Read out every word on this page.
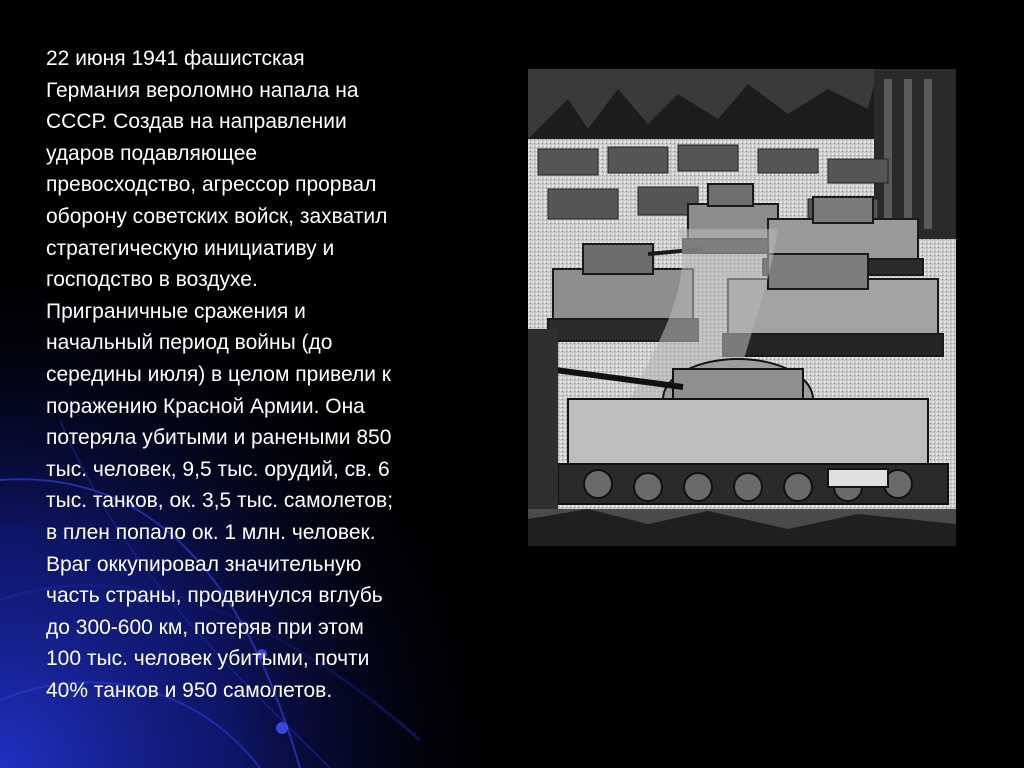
22 июня 1941 фашистская
Германия вероломно напала на
СССР. Создав на направлении
ударов подавляющее
превосходство, агрессор прорвал
оборону советских войск, захватил
стратегическую инициативу и
господство в воздухе.
Приграничные сражения и
начальный период войны (до
середины июля) в целом привели к
поражению Красной Армии. Она
потеряла убитыми и ранеными 850
тыс. человек, 9,5 тыс. орудий, св. 6
тыс. танков, ок. 3,5 тыс. самолетов;
в плен попало ок. 1 млн. человек.
Враг оккупировал значительную
часть страны, продвинулся вглубь
до 300-600 км, потеряв при этом
100 тыс. человек убитыми, почти
40% танков и 950 самолетов.
